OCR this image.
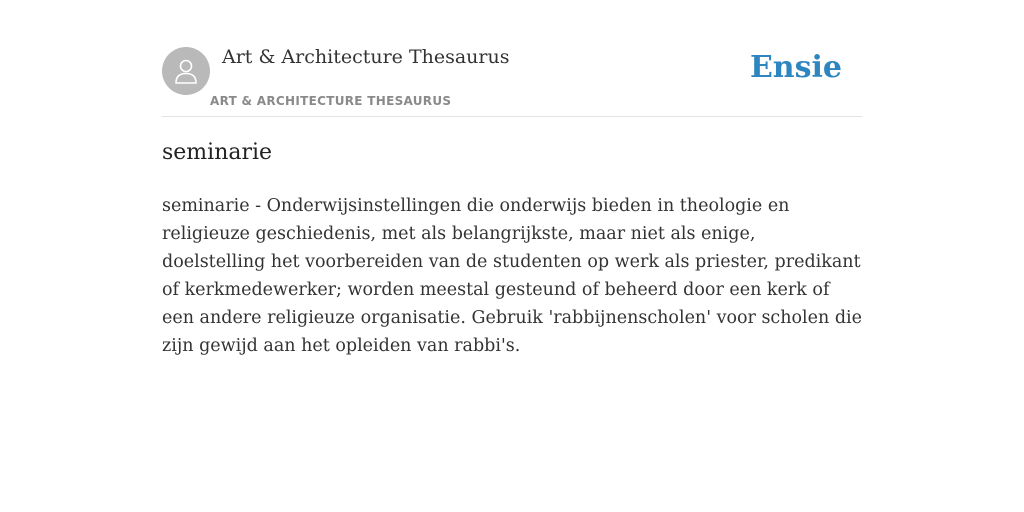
Art & Architecture Thesaurus
ART & ARCHITECTURE THESAURUS
Ensie
seminarie

seminarie - Onderwijsinstellingen die onderwijs bieden in theologie en religieuze geschiedenis, met als belangrijkste, maar niet als enige, doelstelling het voorbereiden van de studenten op werk als priester, predikant of kerkmedewerker; worden meestal gesteund of beheerd door een kerk of een andere religieuze organisatie. Gebruik 'rabbijnenscholen' voor scholen die zijn gewijd aan het opleiden van rabbi's.
